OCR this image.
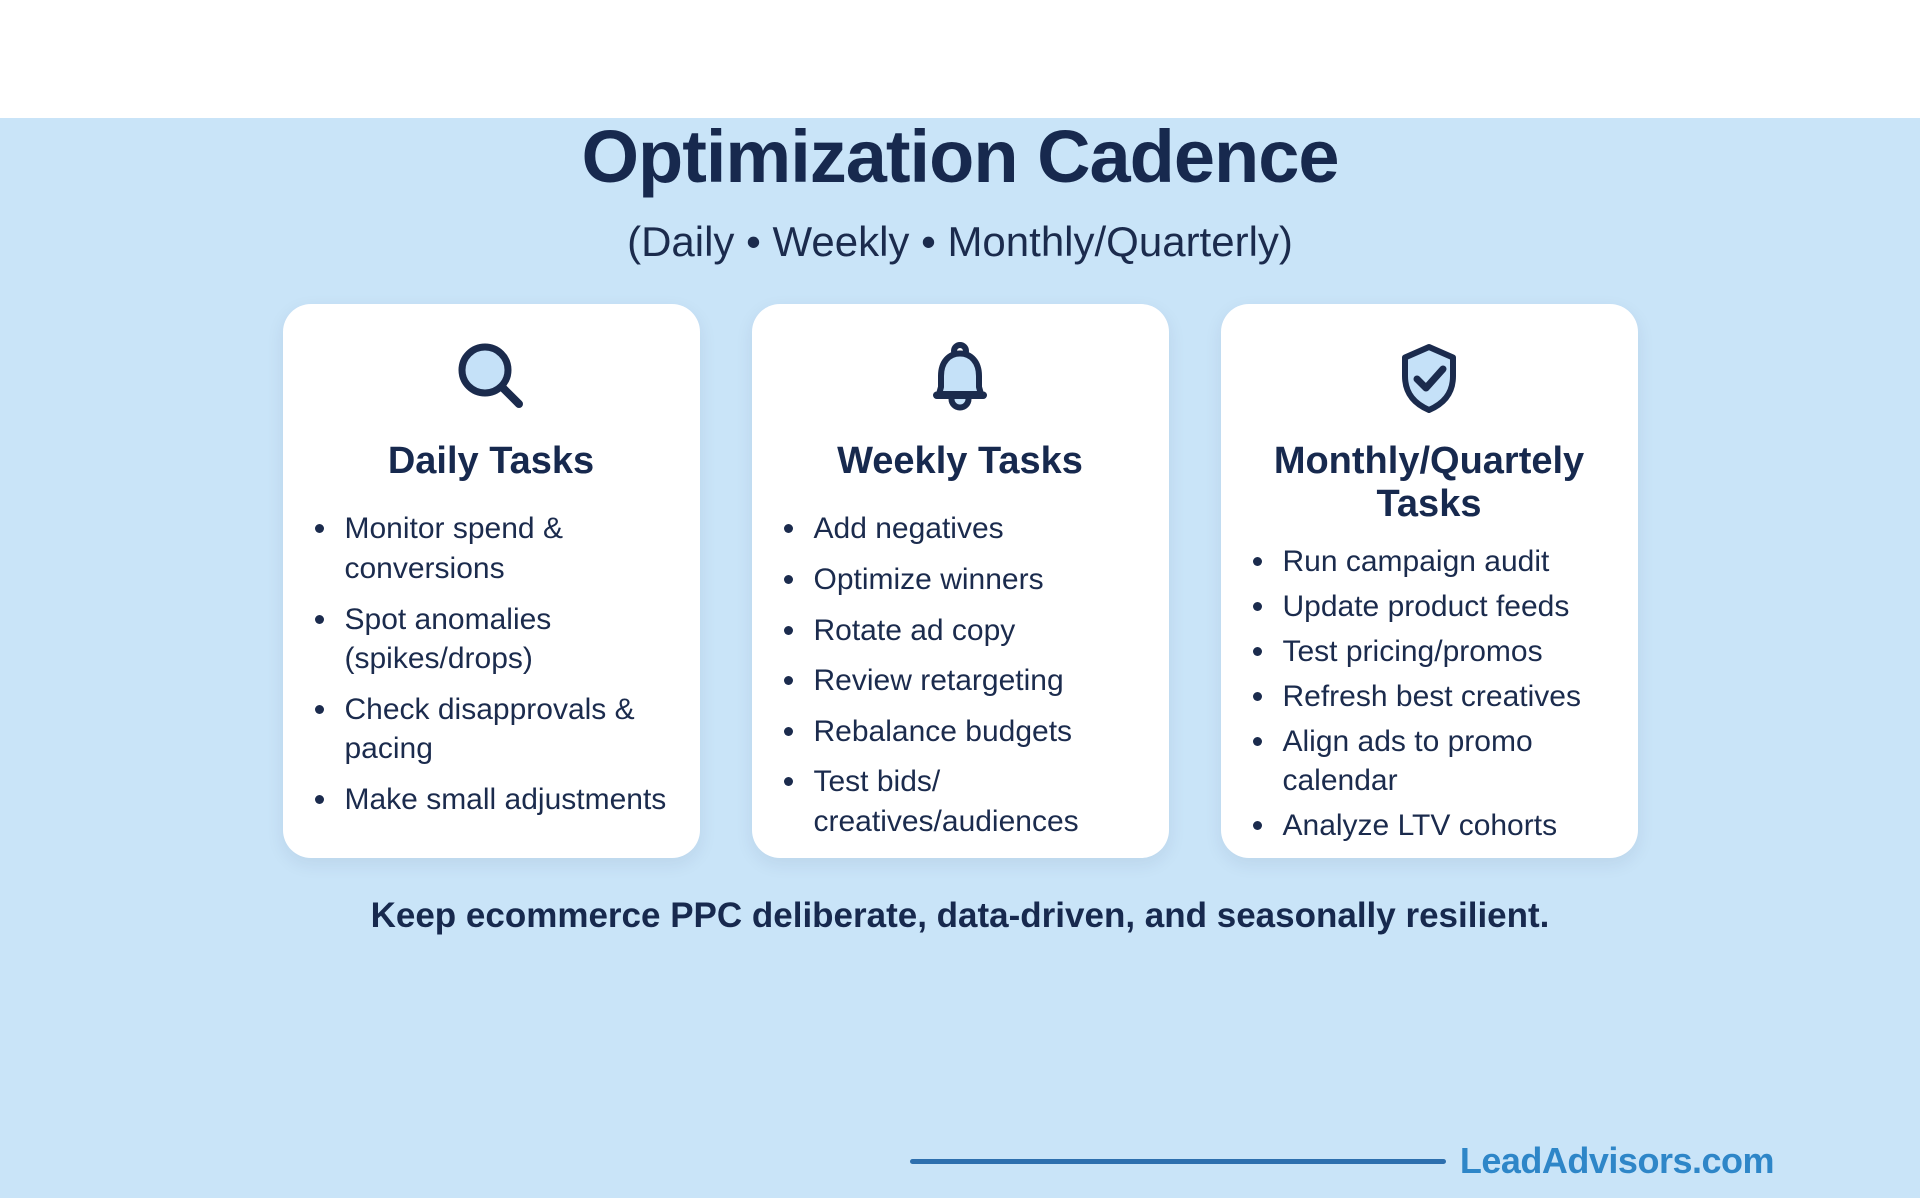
Optimization Cadence

(Daily • Weekly • Monthly/Quarterly)

Daily Tasks
Monitor spend & conversions
Spot anomalies (spikes/drops)
Check disapprovals & pacing
Make small adjustments
Weekly Tasks
Add negatives
Optimize winners
Rotate ad copy
Review retargeting
Rebalance budgets
Test bids/ creatives/audiences
Monthly/Quartely Tasks
Run campaign audit
Update product feeds
Test pricing/promos
Refresh best creatives
Align ads to promo calendar
Analyze LTV cohorts

Keep ecommerce PPC deliberate, data-driven, and seasonally resilient.

LeadAdvisors.com
